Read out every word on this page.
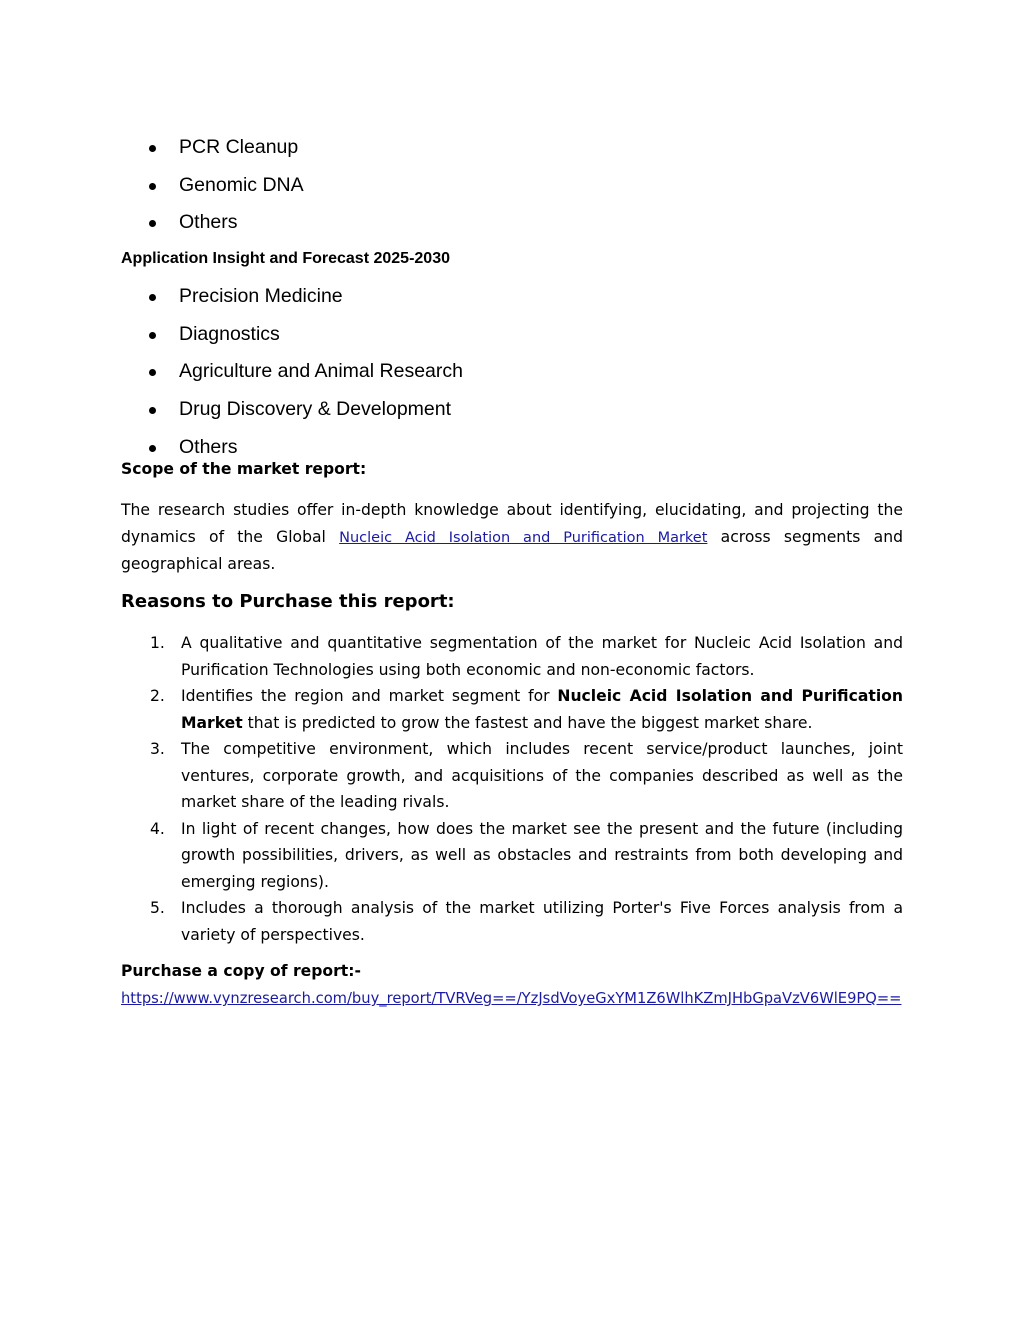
PCR Cleanup
Genomic DNA
Others
Application Insight and Forecast 2025-2030
Precision Medicine
Diagnostics
Agriculture and Animal Research
Drug Discovery & Development
Others
Scope of the market report:

The research studies offer in-depth knowledge about identifying, elucidating, and projecting the dynamics of the Global Nucleic Acid Isolation and Purification Market across segments and geographical areas.

Reasons to Purchase this report:
1. A qualitative and quantitative segmentation of the market for Nucleic Acid Isolation and Purification Technologies using both economic and non-economic factors.
2. Identifies the region and market segment for Nucleic Acid Isolation and Purification Market that is predicted to grow the fastest and have the biggest market share.
3. The competitive environment, which includes recent service/product launches, joint ventures, corporate growth, and acquisitions of the companies described as well as the market share of the leading rivals.
4. In light of recent changes, how does the market see the present and the future (including growth possibilities, drivers, as well as obstacles and restraints from both developing and emerging regions).
5. Includes a thorough analysis of the market utilizing Porter's Five Forces analysis from a variety of perspectives.
Purchase a copy of report:-

https://www.vynzresearch.com/buy_report/TVRVeg==/YzJsdVoyeGxYM1Z6WlhKZmJHbGpaVzV6WlE9PQ==
